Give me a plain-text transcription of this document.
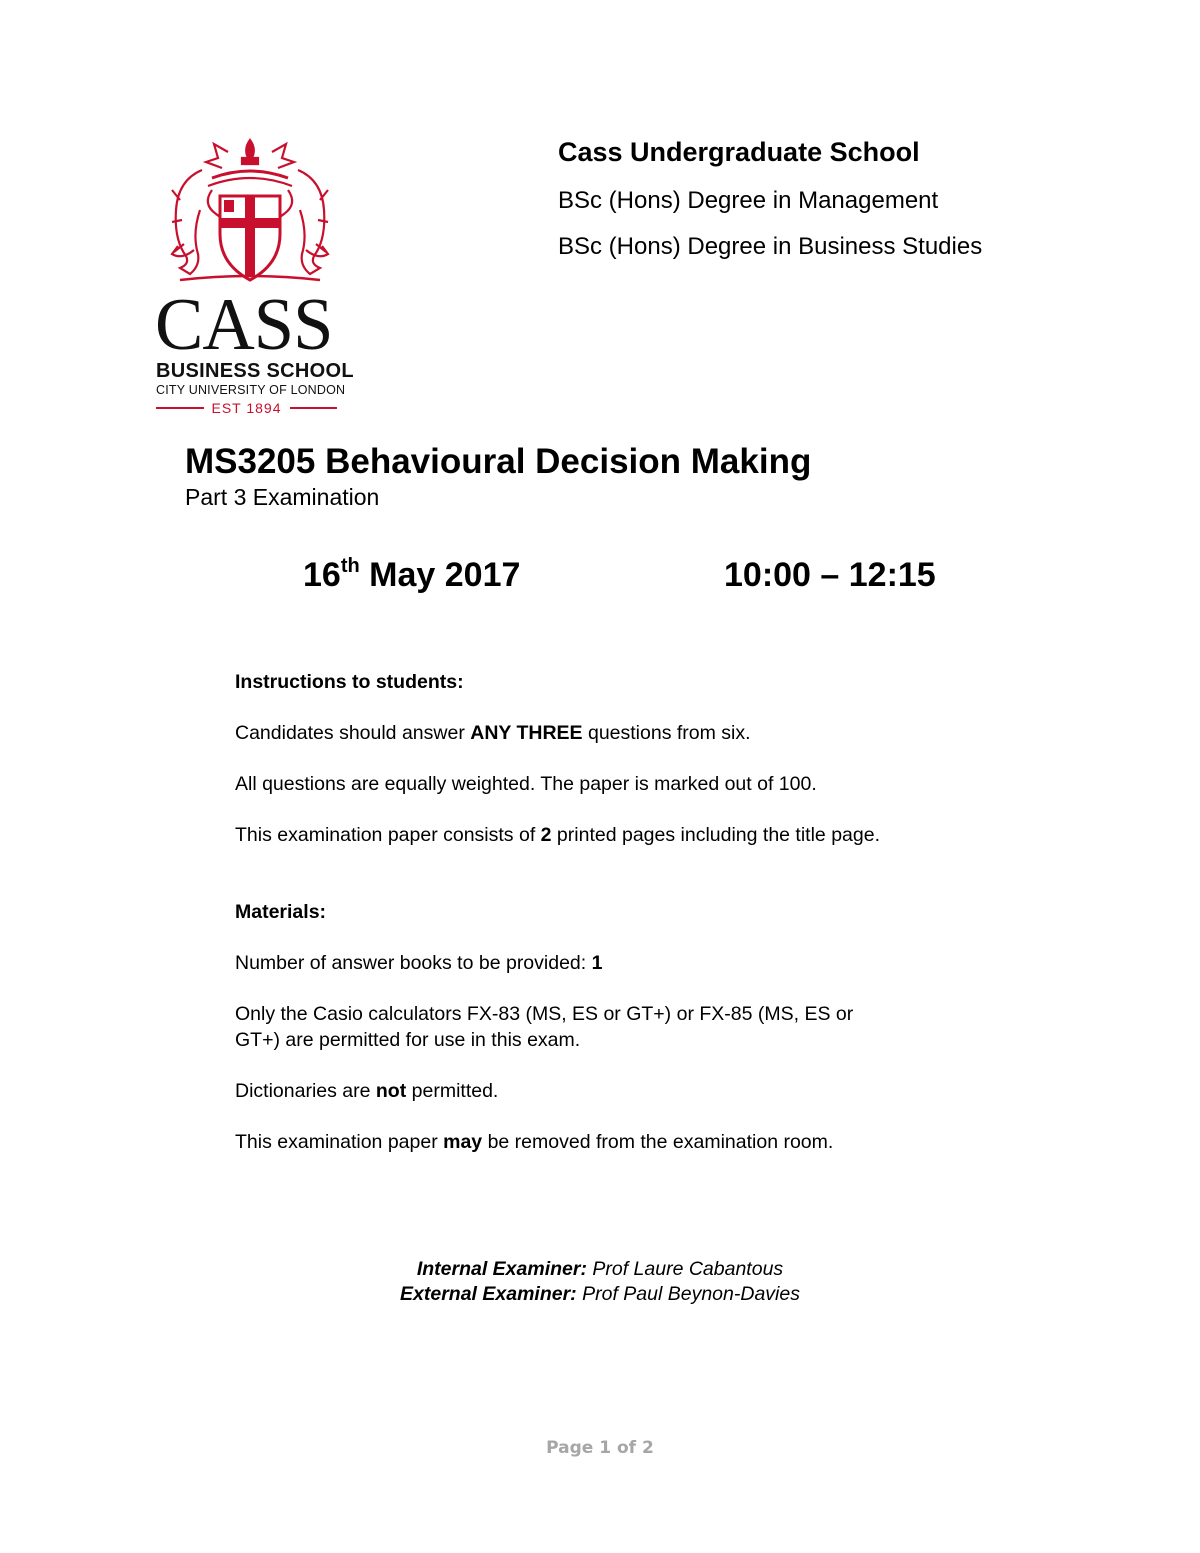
CASS
BUSINESS SCHOOL
CITY UNIVERSITY OF LONDON
EST 1894
Cass Undergraduate School
BSc (Hons) Degree in Management
BSc (Hons) Degree in Business Studies
MS3205 Behavioural Decision Making
Part 3 Examination
16th May 2017	10:00 – 12:15
Instructions to students:
Candidates should answer ANY THREE questions from six.
All questions are equally weighted. The paper is marked out of 100.
This examination paper consists of 2 printed pages including the title page.
Materials:
Number of answer books to be provided: 1
Only the Casio calculators FX-83 (MS, ES or GT+) or FX-85 (MS, ES or
GT+) are permitted for use in this exam.
Dictionaries are not permitted.
This examination paper may be removed from the examination room.
Internal Examiner: Prof Laure Cabantous
External Examiner: Prof Paul Beynon-Davies
Page 1 of 2
